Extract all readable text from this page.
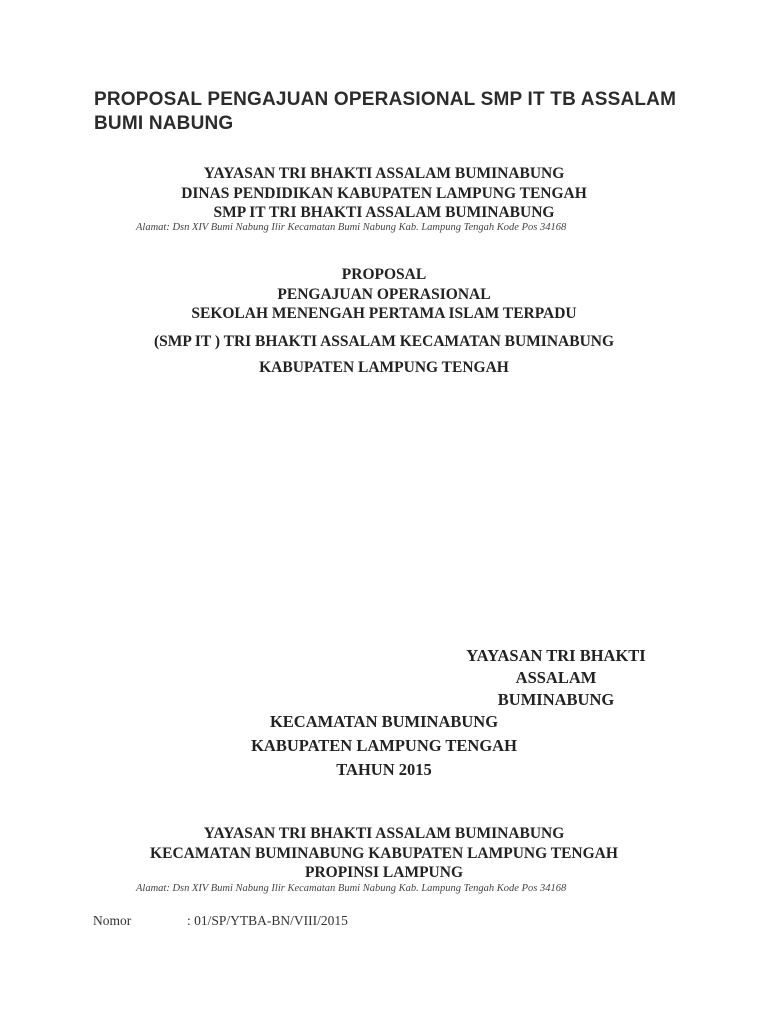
PROPOSAL PENGAJUAN OPERASIONAL SMP IT TB ASSALAM BUMI NABUNG
YAYASAN TRI BHAKTI ASSALAM BUMINABUNG
DINAS PENDIDIKAN KABUPATEN LAMPUNG TENGAH
SMP IT TRI BHAKTI ASSALAM BUMINABUNG
Alamat: Dsn XIV Bumi Nabung Ilir Kecamatan Bumi Nabung Kab. Lampung Tengah Kode Pos 34168
PROPOSAL
PENGAJUAN OPERASIONAL
SEKOLAH MENENGAH PERTAMA ISLAM TERPADU
(SMP IT ) TRI BHAKTI ASSALAM KECAMATAN BUMINABUNG
KABUPATEN LAMPUNG TENGAH
YAYASAN TRI BHAKTI
ASSALAM
BUMINABUNG
KECAMATAN BUMINABUNG
KABUPATEN LAMPUNG TENGAH
TAHUN 2015
YAYASAN TRI BHAKTI ASSALAM BUMINABUNG
KECAMATAN BUMINABUNG KABUPATEN LAMPUNG TENGAH
PROPINSI LAMPUNG
Alamat: Dsn XIV Bumi Nabung Ilir Kecamatan Bumi Nabung Kab. Lampung Tengah Kode Pos 34168
Nomor	: 01/SP/YTBA-BN/VIII/2015
